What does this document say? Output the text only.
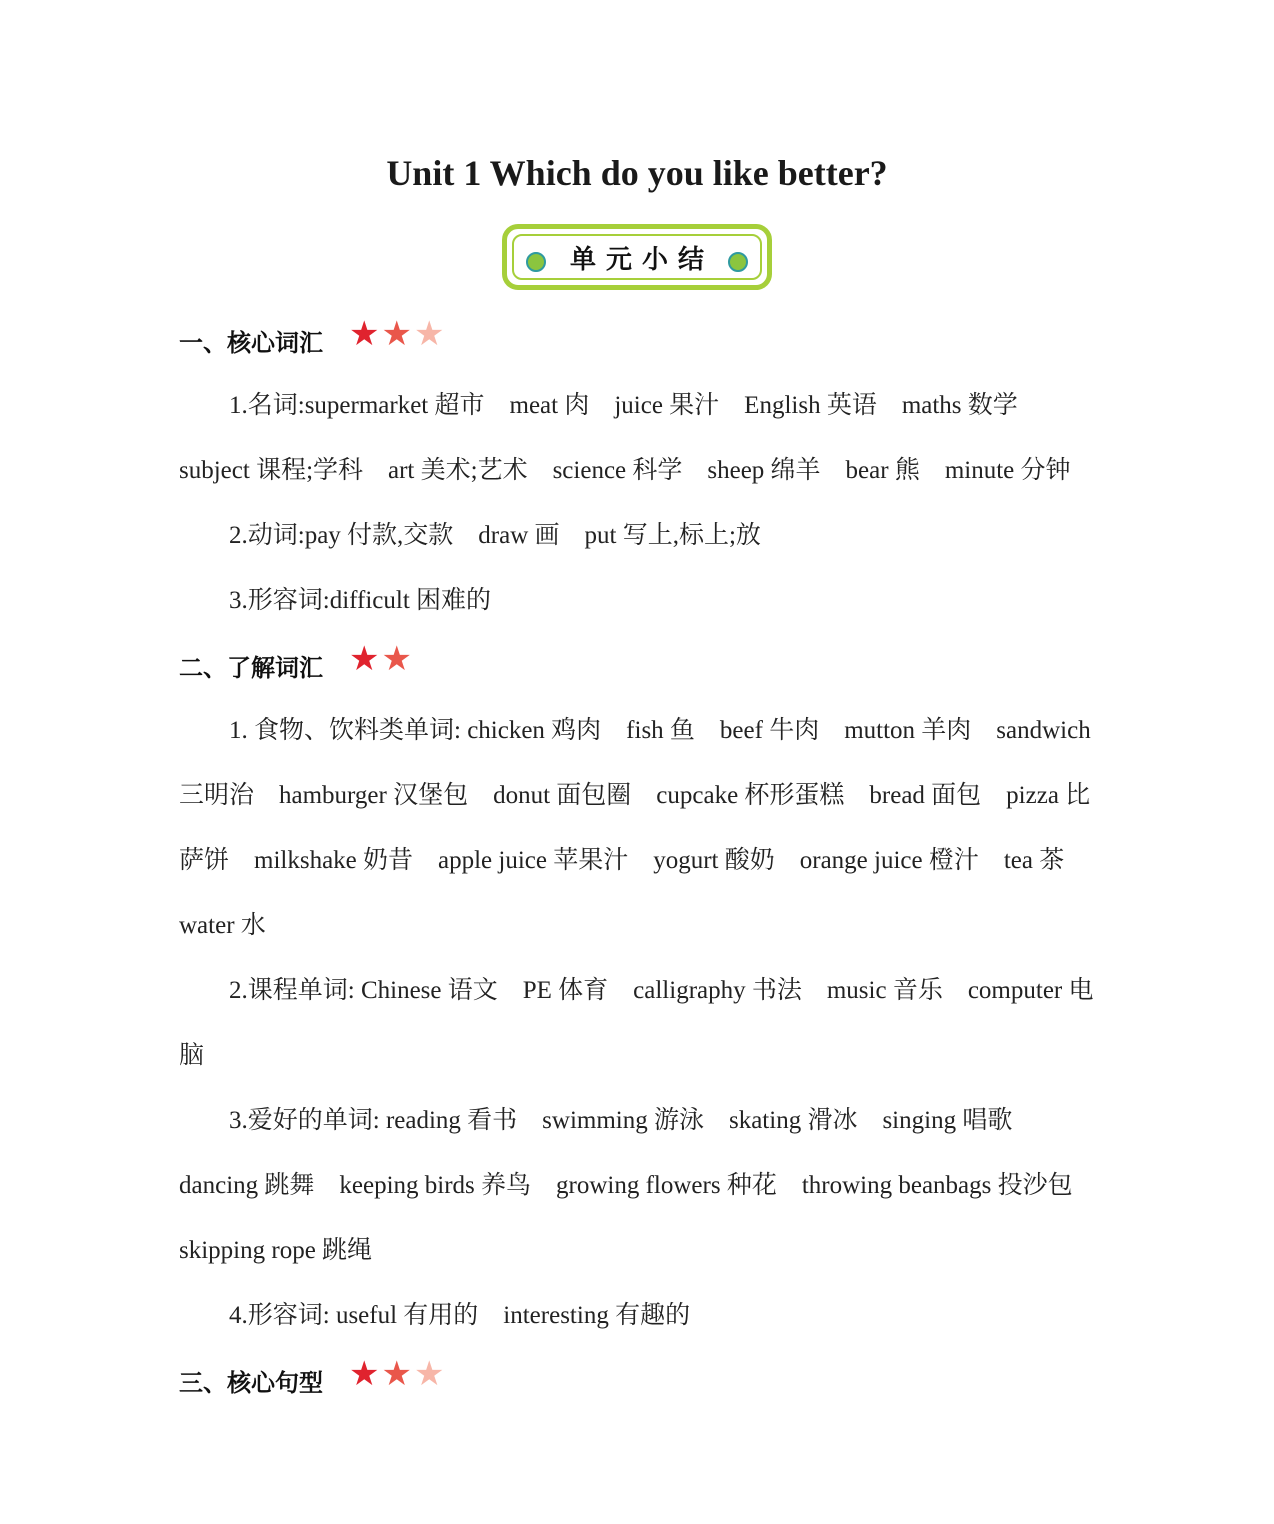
Unit 1 Which do you like better?
单元小结
一、核心词汇 ★ ★ ★
1.名词:supermarket 超市　meat 肉　juice 果汁　English 英语　maths 数学
subject 课程;学科　art 美术;艺术　science 科学　sheep 绵羊　bear 熊　minute 分钟
2.动词:pay 付款,交款　draw 画　put 写上,标上;放
3.形容词:difficult 困难的
二、了解词汇 ★ ★
1. 食物、饮料类单词: chicken 鸡肉　fish 鱼　beef 牛肉　mutton 羊肉　sandwich
三明治　hamburger 汉堡包　donut 面包圈　cupcake 杯形蛋糕　bread 面包　pizza 比
萨饼　milkshake 奶昔　apple juice 苹果汁　yogurt 酸奶　orange juice 橙汁　tea 茶
water 水
2.课程单词: Chinese 语文　PE 体育　calligraphy 书法　music 音乐　computer 电
脑
3.爱好的单词: reading 看书　swimming 游泳　skating 滑冰　singing 唱歌
dancing 跳舞　keeping birds 养鸟　growing flowers 种花　throwing beanbags 投沙包
skipping rope 跳绳
4.形容词: useful 有用的　interesting 有趣的
三、核心句型 ★ ★ ★
